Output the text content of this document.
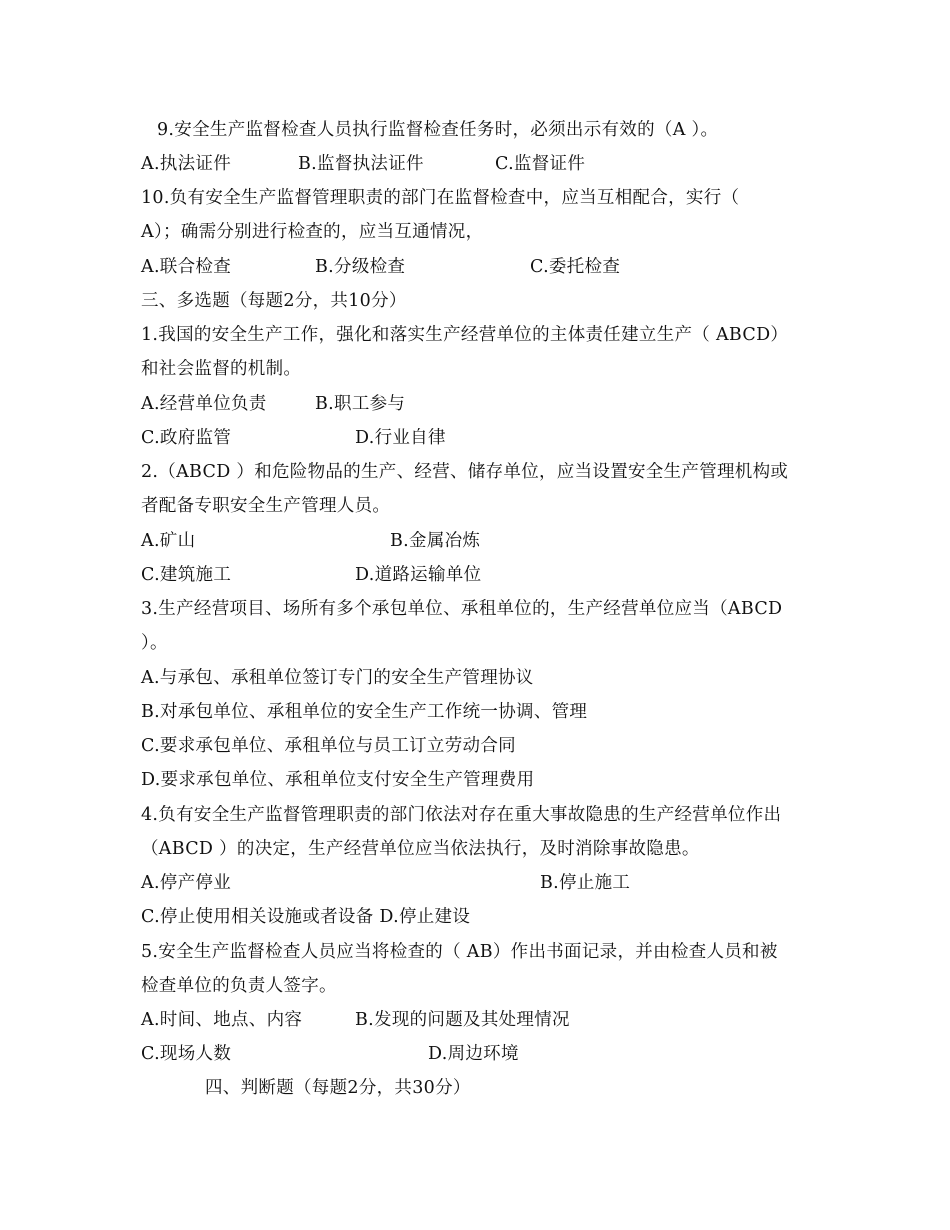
9.安全生产监督检查人员执行监督检查任务时，必须出示有效的（A ）。
A.执法证件	B.监督执法证件	C.监督证件
10.负有安全生产监督管理职责的部门在监督检查中，应当互相配合，实行（
A）；确需分别进行检查的，应当互通情况，
A.联合检查	B.分级检查	C.委托检查
三、多选题（每题2分，共10分）
1.我国的安全生产工作，强化和落实生产经营单位的主体责任建立生产（ ABCD）
和社会监督的机制。
A.经营单位负责	B.职工参与
C.政府监管	D.行业自律
2.（ABCD ）和危险物品的生产、经营、储存单位，应当设置安全生产管理机构或
者配备专职安全生产管理人员。
A.矿山	B.金属冶炼
C.建筑施工	D.道路运输单位
3.生产经营项目、场所有多个承包单位、承租单位的，生产经营单位应当（ABCD
）。
A.与承包、承租单位签订专门的安全生产管理协议
B.对承包单位、承租单位的安全生产工作统一协调、管理
C.要求承包单位、承租单位与员工订立劳动合同
D.要求承包单位、承租单位支付安全生产管理费用
4.负有安全生产监督管理职责的部门依法对存在重大事故隐患的生产经营单位作出
（ABCD ）的决定，生产经营单位应当依法执行，及时消除事故隐患。
A.停产停业	B.停止施工
C.停止使用相关设施或者设备 D.停止建设
5.安全生产监督检查人员应当将检查的（ AB）作出书面记录，并由检查人员和被
检查单位的负责人签字。
A.时间、地点、内容	B.发现的问题及其处理情况
C.现场人数	D.周边环境
四、判断题（每题2分，共30分）
